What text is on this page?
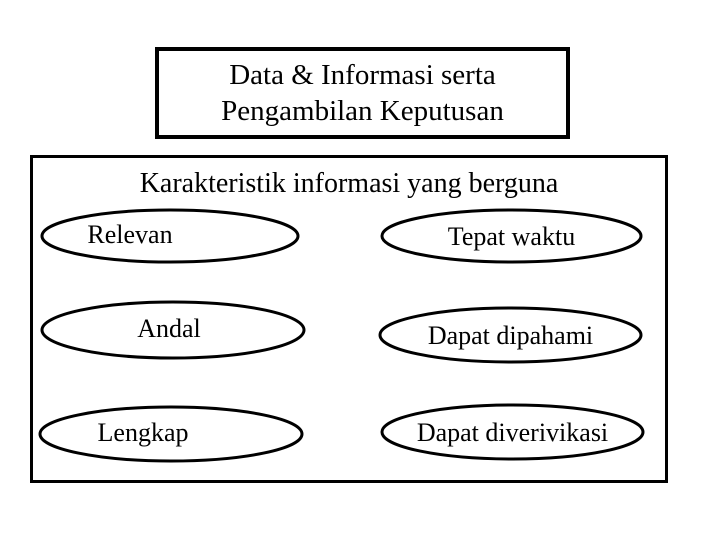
Data & Informasi serta
Pengambilan Keputusan
Karakteristik informasi yang berguna
Relevan	Tepat waktu
Andal	Dapat dipahami
Lengkap	Dapat diverivikasi
